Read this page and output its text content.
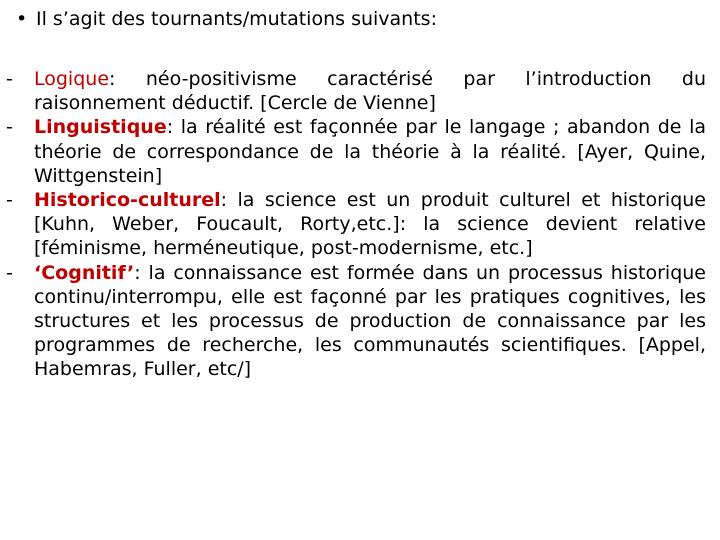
• Il s’agit des tournants/mutations suivants:
-	Logique: néo-positivisme caractérisé par l’introduction du raisonnement déductif. [Cercle de Vienne]
-	Linguistique: la réalité est façonnée par le langage ; abandon de la théorie de correspondance de la théorie à la réalité. [Ayer, Quine, Wittgenstein]
-	Historico-culturel: la science est un produit culturel et historique [Kuhn, Weber, Foucault, Rorty,etc.]: la science devient relative [féminisme, herméneutique, post-modernisme, etc.]
-	‘Cognitif’: la connaissance est formée dans un processus historique continu/interrompu, elle est façonné par les pratiques cognitives, les structures et les processus de production de connaissance par les programmes de recherche, les communautés scientifiques. [Appel, Habemras, Fuller, etc/]
